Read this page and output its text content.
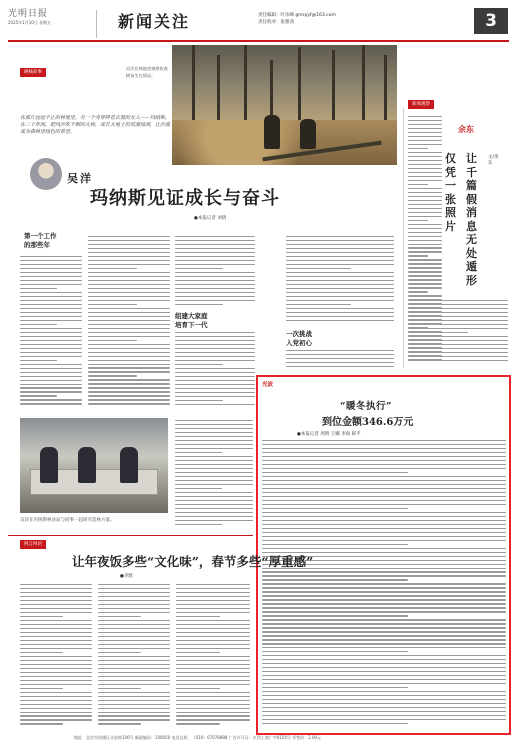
光明日报
2025年1月10日 星期五	新闻关注	责任编辑：叶乐峰 gmrpyf@163.com
责任校对：张雅茜	3
硬核故事
在那片远远不止的林地里，有一个身穿碎花衣裳的女人——玛纳斯，在三十年间，把风沙吹不倒的大树，成长大地上的荒漠绿洲，让沙漠成为森林里绿色的希望。
吴洋在林地里观察检查树苗生长情况。
吴洋
玛纳斯见证成长与奋斗
●本报记者 刘倩
第一个工作
的那些年
组建大家庭
培育下一代
一次挑战
入党初心
吴洋在玛纳斯林业站与同事一起研究造林方案。
新闻观察
余东
仅凭一张照片
让千篇假消息无处遁形
文/余东
光波
“暖冬执行”
到位金额346.6万元
●本报记者 周明 王娜 李海 韩平
网言网语
让年夜饭多些“文化味”，春节多些“厚重感”
●李默
地址：北京市西城区永安路106号 邮政编码：100050 电话总机：（010）67078888 广告许可证：京西工商广字0154号 零售价：2.00元
